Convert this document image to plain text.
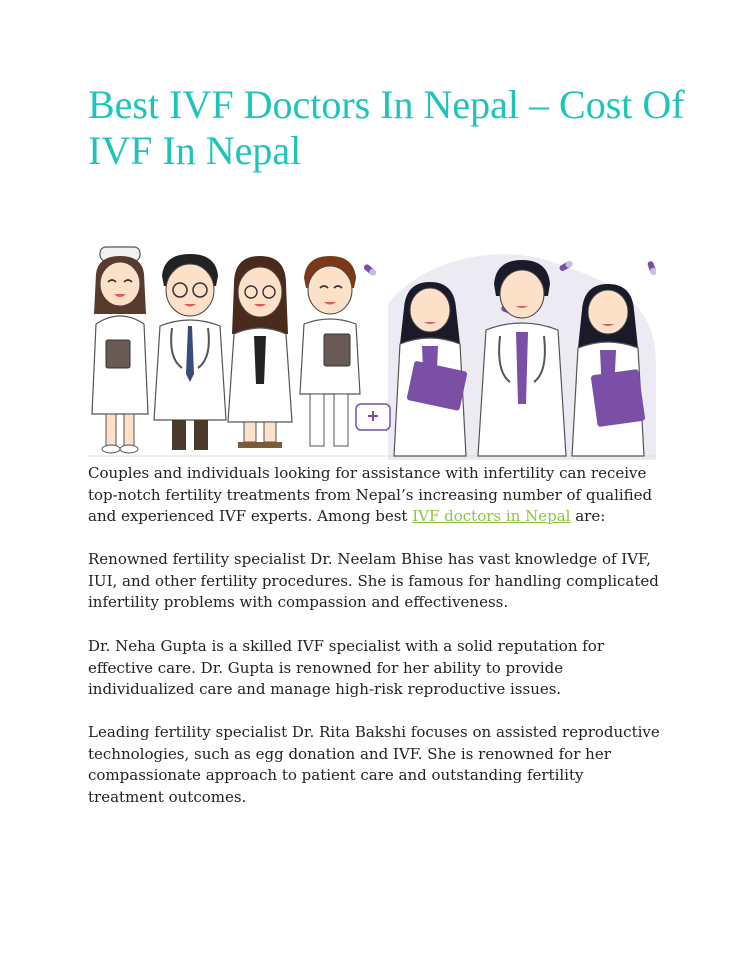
Best IVF Doctors In Nepal – Cost Of IVF In Nepal

Couples and individuals looking for assistance with infertility can receive top-notch fertility treatments from Nepal’s increasing number of qualified and experienced IVF experts. Among best IVF doctors in Nepal are:

Renowned fertility specialist Dr. Neelam Bhise has vast knowledge of IVF, IUI, and other fertility procedures. She is famous for handling complicated infertility problems with compassion and effectiveness.

Dr. Neha Gupta is a skilled IVF specialist with a solid reputation for effective care. Dr. Gupta is renowned for her ability to provide individualized care and manage high-risk reproductive issues.

Leading fertility specialist Dr. Rita Bakshi focuses on assisted reproductive technologies, such as egg donation and IVF. She is renowned for her compassionate approach to patient care and outstanding fertility treatment outcomes.
